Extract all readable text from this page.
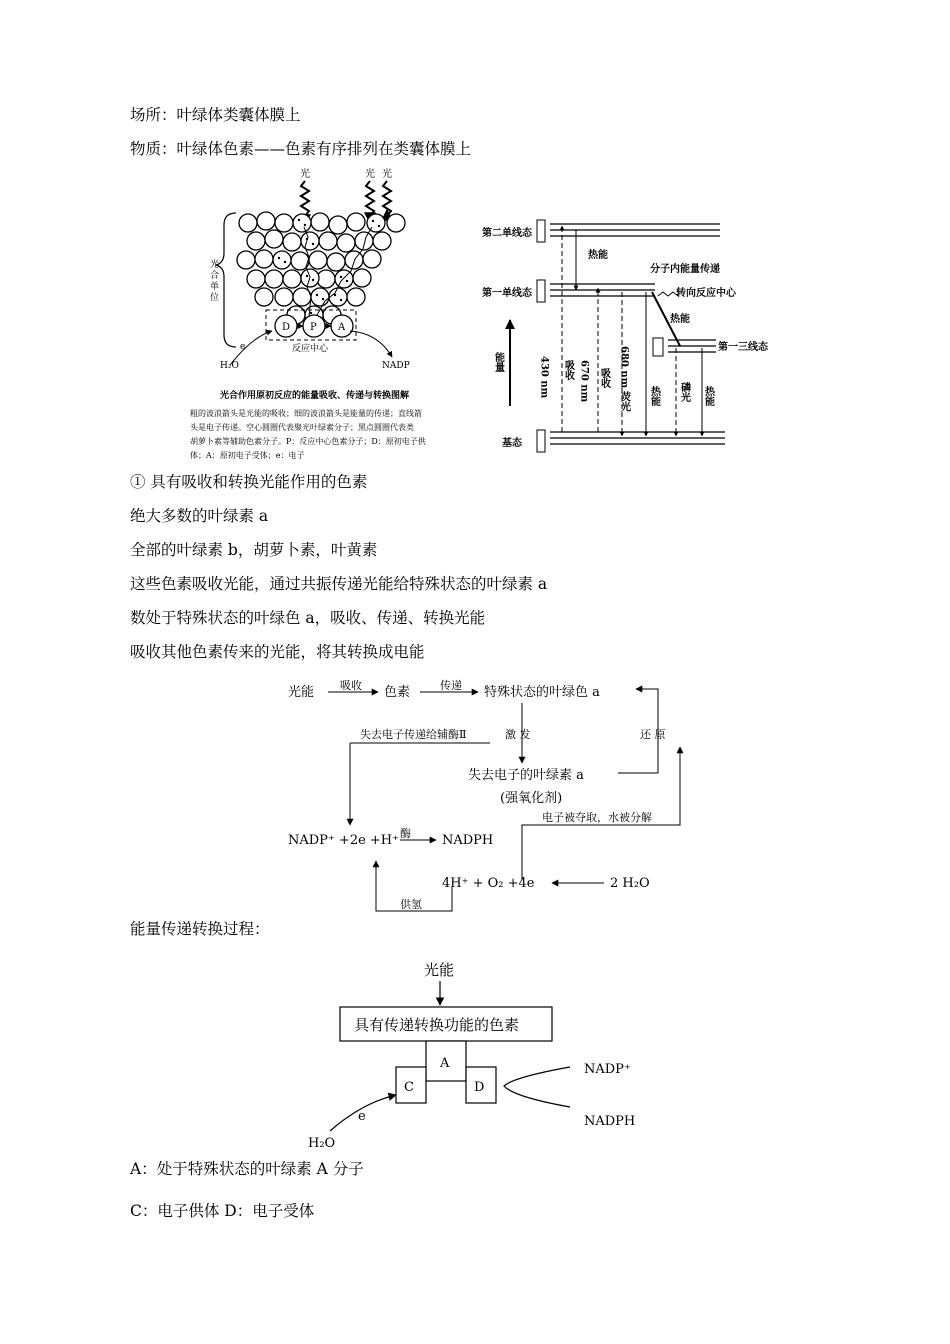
场所：叶绿体类囊体膜上
物质：叶绿体色素——色素有序排列在类囊体膜上
光	光 光
光
合
单
位
D P A
反应中心
e
H₂O	NADP
光合作用原初反应的能量吸收、传递与转换图解
粗的波浪箭头是光能的吸收；细的波浪箭头是能量的传递；直线箭
头是电子传递。空心圆圈代表聚光叶绿素分子；黑点圆圈代表类
胡萝卜素等辅助色素分子。P：反应中心色素分子；D：原初电子供
体；A：原初电子受体；e：电子
第二单线态
第一单线态
第一三线态
基态
能量
热能
分子内能量传递
转向反应中心
热能
430 nm 吸收 670 nm 吸收 680 nm 荧光 热能 磷光 热能
① 具有吸收和转换光能作用的色素
绝大多数的叶绿素 a
全部的叶绿素 b，胡萝卜素，叶黄素
这些色素吸收光能，通过共振传递光能给特殊状态的叶绿素 a
数处于特殊状态的叶绿色 a，吸收、传递、转换光能
吸收其他色素传来的光能，将其转换成电能
光能	色素	特殊状态的叶绿色 a
失去电子的叶绿素 a
(强氧化剂)
NADP⁺ +2e +H⁺	NADPH
4H⁺ + O₂ +4e	2 H₂O
吸收	传递
失去电子传递给辅酶Ⅱ	激 发	还 原
电子被夺取，水被分解
酶
供氢
能量传递转换过程：
光能
具有传递转换功能的色素
A
C	D
e
H₂O
NADP⁺
NADPH
A：处于特殊状态的叶绿素 A 分子
C：电子供体 D：电子受体
